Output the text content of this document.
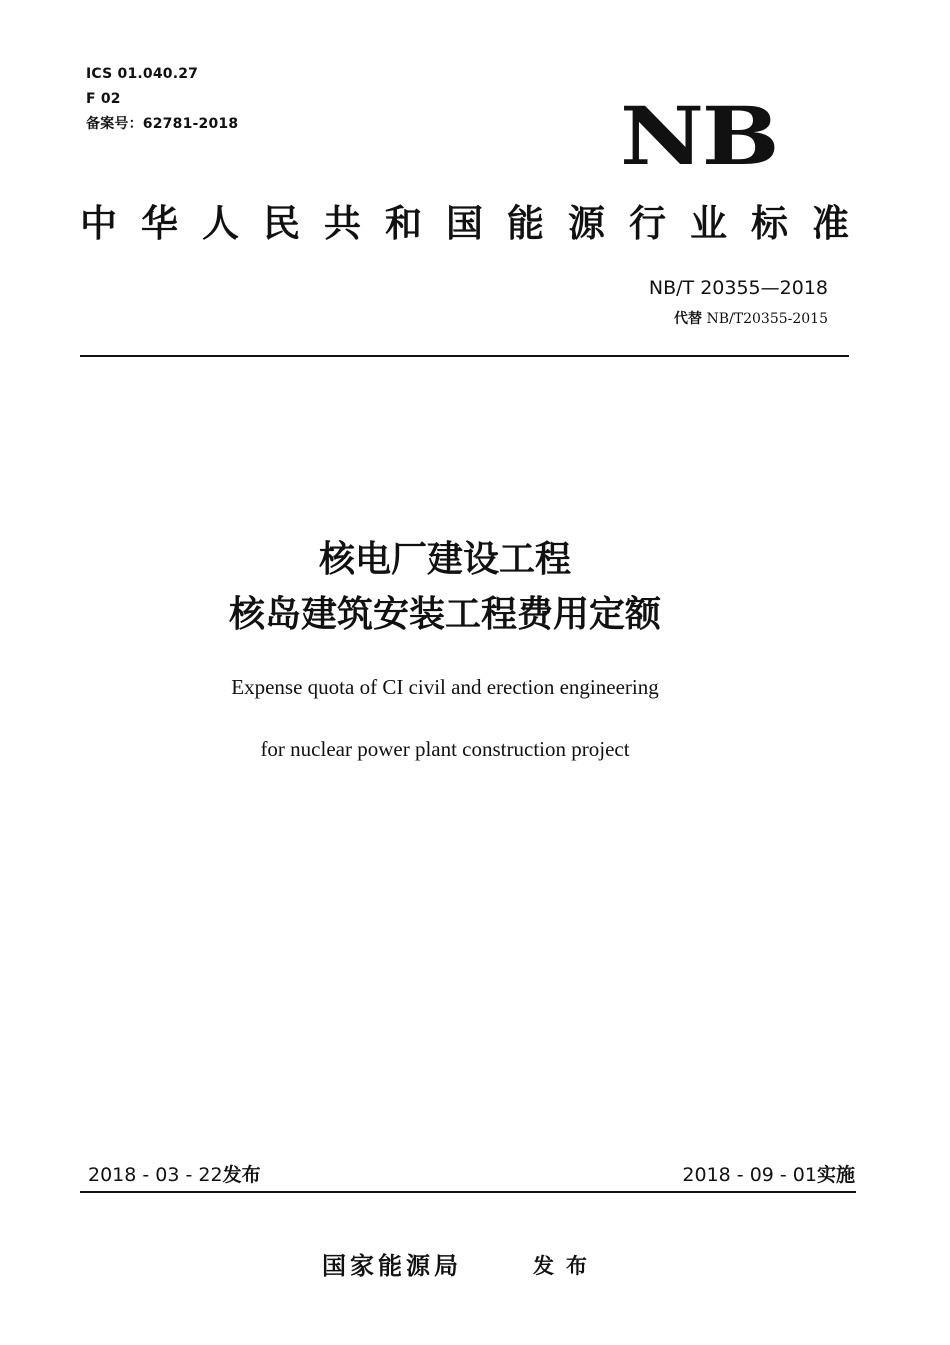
ICS 01.040.27
F 02
备案号：62781-2018	NB
中华人民共和国能源行业标准
NB/T 20355—2018
代替 NB/T20355-2015
核电厂建设工程
核岛建筑安装工程费用定额
Expense quota of CI civil and erection engineering
for nuclear power plant construction project
2018 - 03 - 22发布	2018 - 09 - 01实施
国家能源局	发布
